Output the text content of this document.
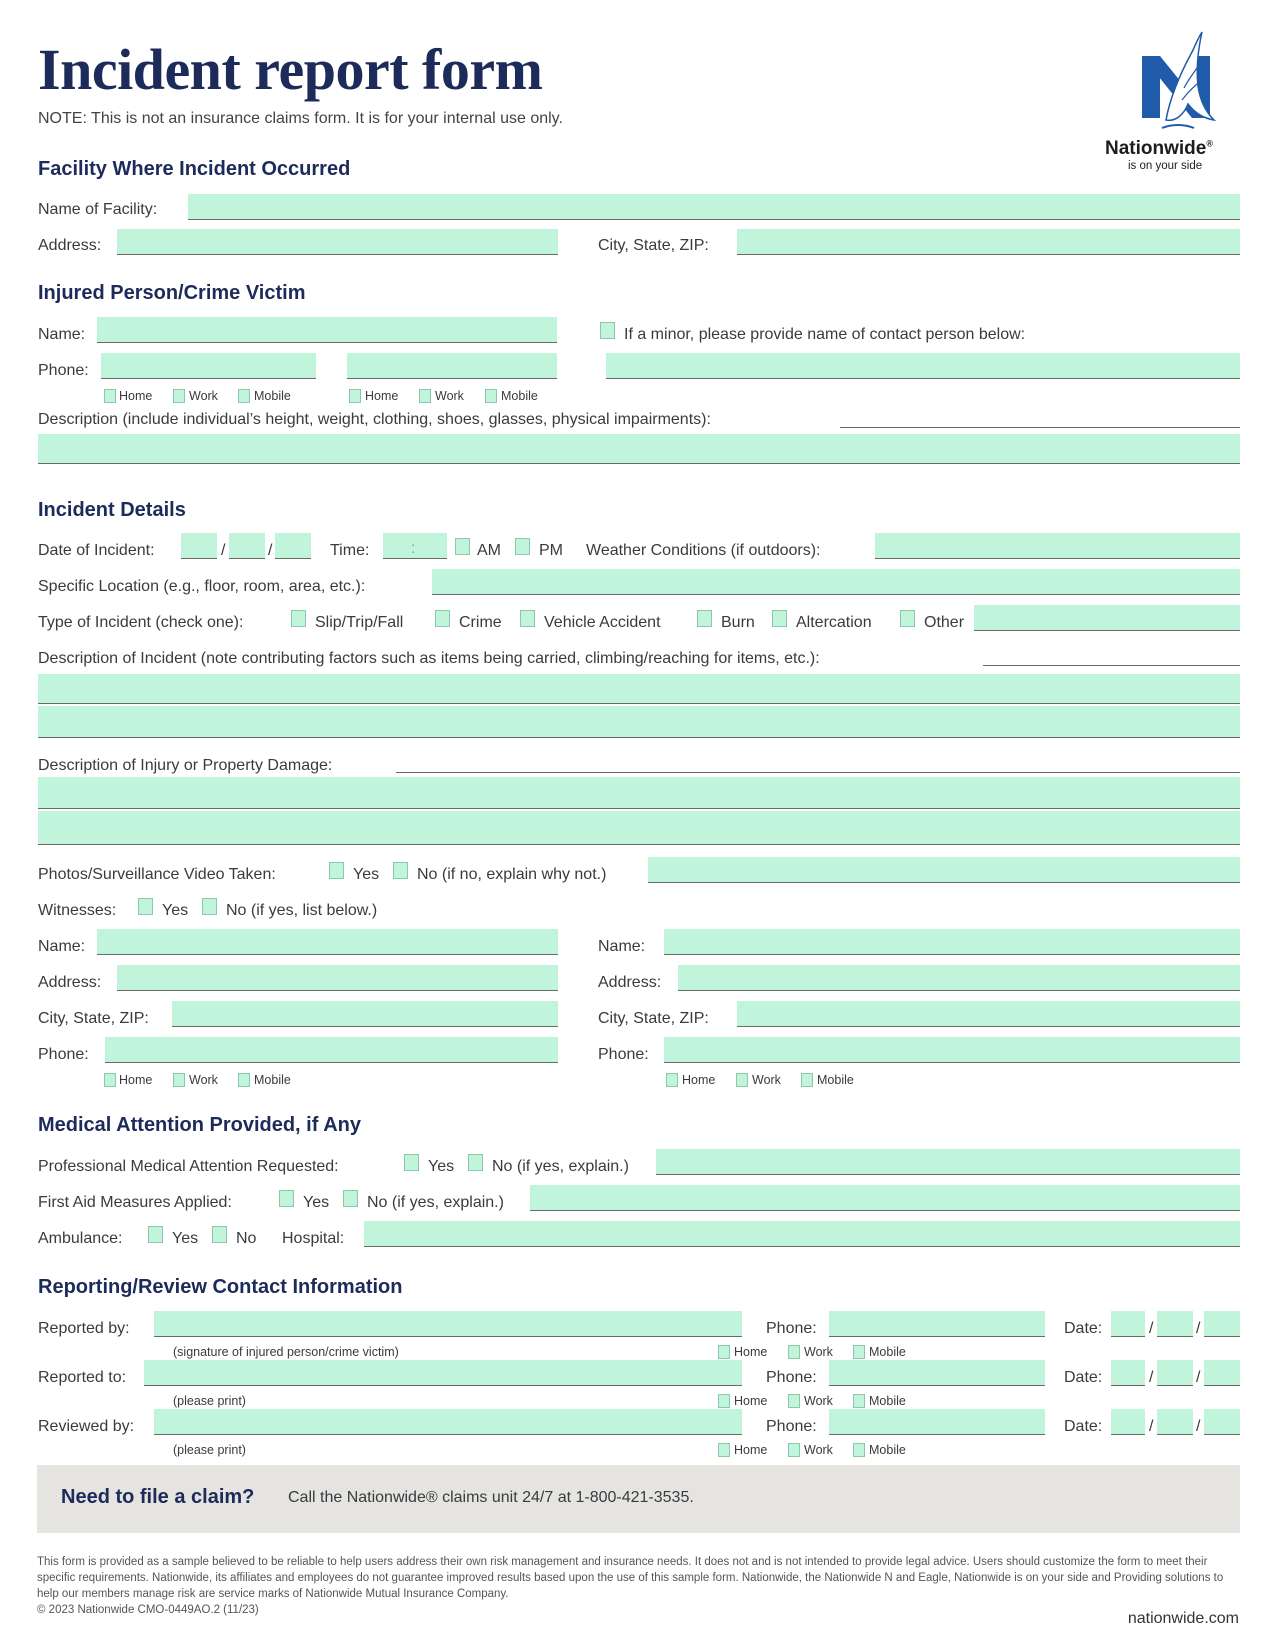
Incident report form
NOTE: This is not an insurance claims form. It is for your internal use only.
Nationwide®
is on your side
Facility Where Incident Occurred
Name of Facility:
Address:	City, State, ZIP:
Injured Person/Crime Victim
Name:	If a minor, please provide name of contact person below:
Phone:
Home	Work	Mobile	Home	Work	Mobile
Description (include individual’s height, weight, clothing, shoes, glasses, physical impairments):
Incident Details
Date of Incident:	/	/	Time:	:	AM PM Weather Conditions (if outdoors):
Specific Location (e.g., floor, room, area, etc.):
Type of Incident (check one):	Slip/Trip/Fall	Crime	Vehicle Accident	Burn	Altercation	Other
Description of Incident (note contributing factors such as items being carried, climbing/reaching for items, etc.):
Description of Injury or Property Damage:
Photos/Surveillance Video Taken:	Yes No (if no, explain why not.)
Witnesses:	Yes No (if yes, list below.)
Name:
Address:
City, State, ZIP:
Phone:
Home	Work	Mobile
Name:
Address:
City, State, ZIP:
Phone:
Home	Work	Mobile
Medical Attention Provided, if Any
Professional Medical Attention Requested:	Yes No (if yes, explain.)
First Aid Measures Applied:	Yes No (if yes, explain.)
Ambulance:	Yes No Hospital:
Reporting/Review Contact Information
Reported by:
(signature of injured person/crime victim)
Phone:	Date:	/	/
Home	Work	Mobile
Reported to:
(please print)
Phone:	Date:	/	/
Home	Work	Mobile
Reviewed by:
(please print)
Phone:	Date:	/	/
Home	Work	Mobile
Need to file a claim? Call the Nationwide® claims unit 24/7 at 1-800-421-3535.
This form is provided as a sample believed to be reliable to help users address their own risk management and insurance needs. It does not and is not intended to provide legal advice. Users should customize the form to meet their specific requirements. Nationwide, its affiliates and employees do not guarantee improved results based upon the use of this sample form. Nationwide, the Nationwide N and Eagle, Nationwide is on your side and Providing solutions to help our members manage risk are service marks of Nationwide Mutual Insurance Company.
© 2023 Nationwide CMO-0449AO.2 (11/23)	nationwide.com
